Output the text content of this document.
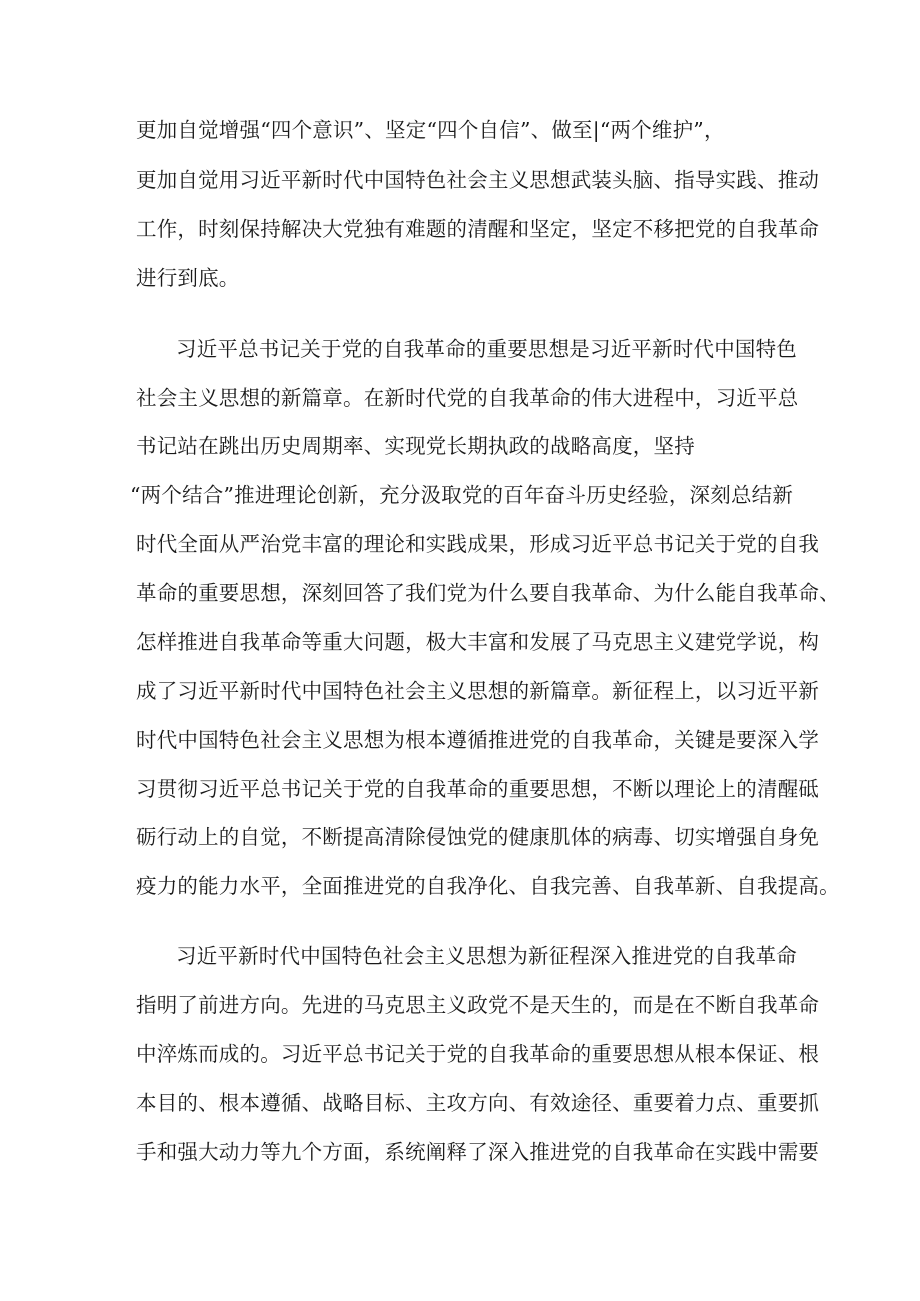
更加自觉增强“四个意识”、坚定“四个自信”、做至|“两个维护”，
更加自觉用习近平新时代中国特色社会主义思想武装头脑、指导实践、推动
工作，时刻保持解决大党独有难题的清醒和坚定，坚定不移把党的自我革命
进行到底。
习近平总书记关于党的自我革命的重要思想是习近平新时代中国特色
社会主义思想的新篇章。在新时代党的自我革命的伟大进程中，习近平总
书记站在跳出历史周期率、实现党长期执政的战略高度，坚持
“两个结合”推进理论创新，充分汲取党的百年奋斗历史经验，深刻总结新
时代全面从严治党丰富的理论和实践成果，形成习近平总书记关于党的自我
革命的重要思想，深刻回答了我们党为什么要自我革命、为什么能自我革命、
怎样推进自我革命等重大问题，极大丰富和发展了马克思主义建党学说，构
成了习近平新时代中国特色社会主义思想的新篇章。新征程上，以习近平新
时代中国特色社会主义思想为根本遵循推进党的自我革命，关键是要深入学
习贯彻习近平总书记关于党的自我革命的重要思想，不断以理论上的清醒砥
砺行动上的自觉，不断提高清除侵蚀党的健康肌体的病毒、切实增强自身免
疫力的能力水平，全面推进党的自我净化、自我完善、自我革新、自我提高。
习近平新时代中国特色社会主义思想为新征程深入推进党的自我革命
指明了前进方向。先进的马克思主义政党不是天生的，而是在不断自我革命
中淬炼而成的。习近平总书记关于党的自我革命的重要思想从根本保证、根
本目的、根本遵循、战略目标、主攻方向、有效途径、重要着力点、重要抓
手和强大动力等九个方面，系统阐释了深入推进党的自我革命在实践中需要
